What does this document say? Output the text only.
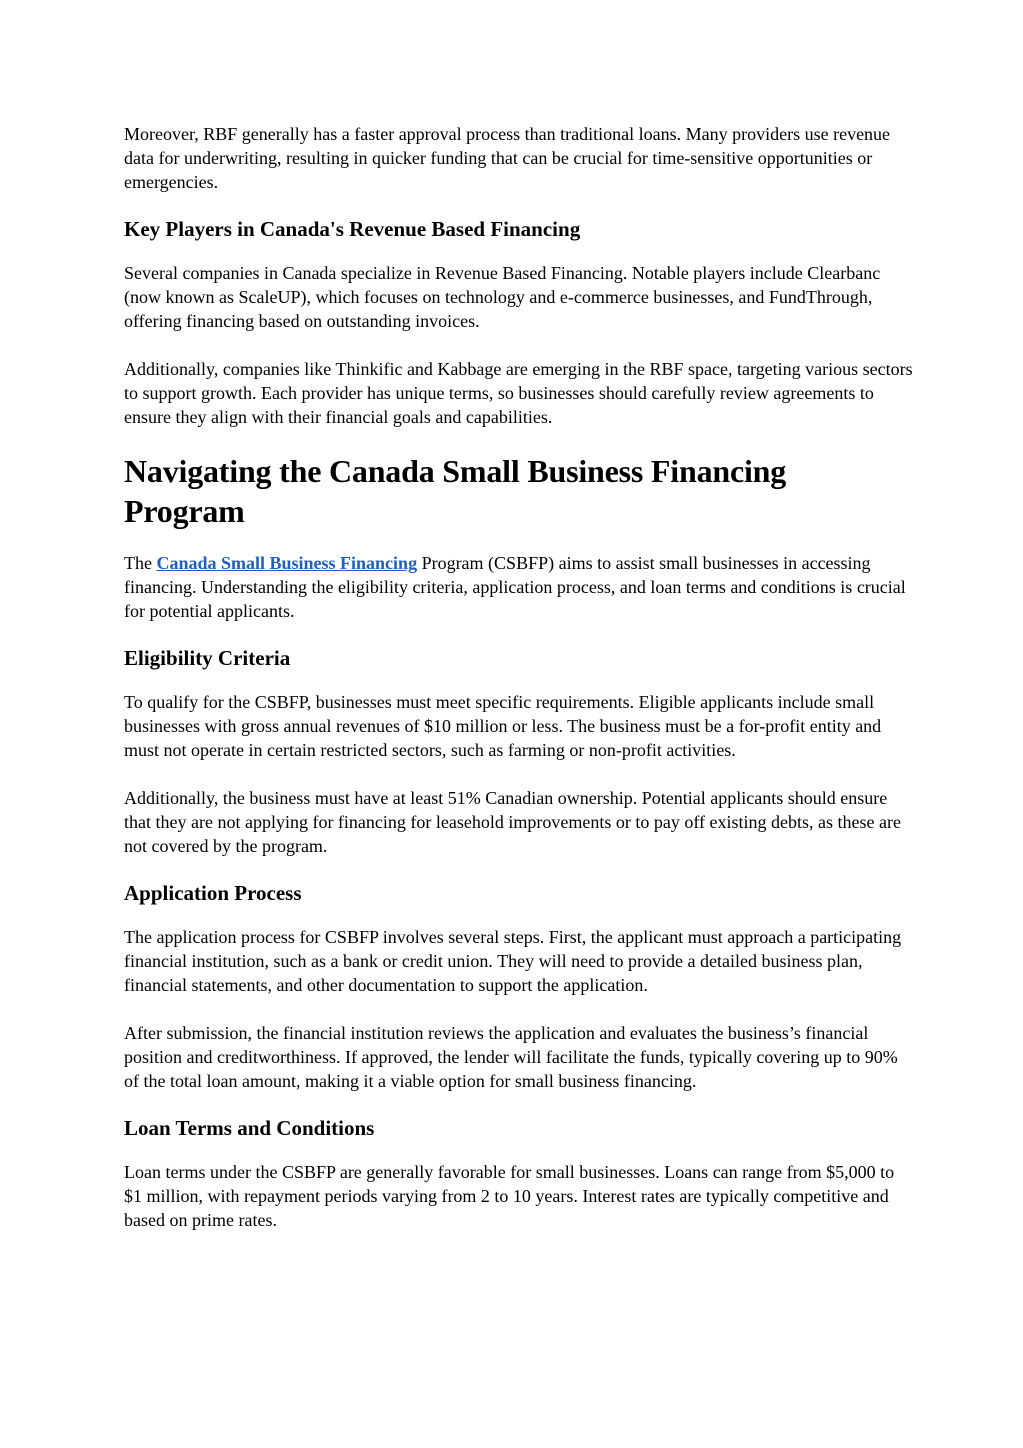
Moreover, RBF generally has a faster approval process than traditional loans. Many providers use revenue data for underwriting, resulting in quicker funding that can be crucial for time-sensitive opportunities or emergencies.

Key Players in Canada's Revenue Based Financing

Several companies in Canada specialize in Revenue Based Financing. Notable players include Clearbanc (now known as ScaleUP), which focuses on technology and e-commerce businesses, and FundThrough, offering financing based on outstanding invoices.

Additionally, companies like Thinkific and Kabbage are emerging in the RBF space, targeting various sectors to support growth. Each provider has unique terms, so businesses should carefully review agreements to ensure they align with their financial goals and capabilities.

Navigating the Canada Small Business Financing Program

The Canada Small Business Financing Program (CSBFP) aims to assist small businesses in accessing financing. Understanding the eligibility criteria, application process, and loan terms and conditions is crucial for potential applicants.

Eligibility Criteria

To qualify for the CSBFP, businesses must meet specific requirements. Eligible applicants include small businesses with gross annual revenues of $10 million or less. The business must be a for-profit entity and must not operate in certain restricted sectors, such as farming or non-profit activities.

Additionally, the business must have at least 51% Canadian ownership. Potential applicants should ensure that they are not applying for financing for leasehold improvements or to pay off existing debts, as these are not covered by the program.

Application Process

The application process for CSBFP involves several steps. First, the applicant must approach a participating financial institution, such as a bank or credit union. They will need to provide a detailed business plan, financial statements, and other documentation to support the application.

After submission, the financial institution reviews the application and evaluates the business’s financial position and creditworthiness. If approved, the lender will facilitate the funds, typically covering up to 90% of the total loan amount, making it a viable option for small business financing.

Loan Terms and Conditions

Loan terms under the CSBFP are generally favorable for small businesses. Loans can range from $5,000 to $1 million, with repayment periods varying from 2 to 10 years. Interest rates are typically competitive and based on prime rates.
